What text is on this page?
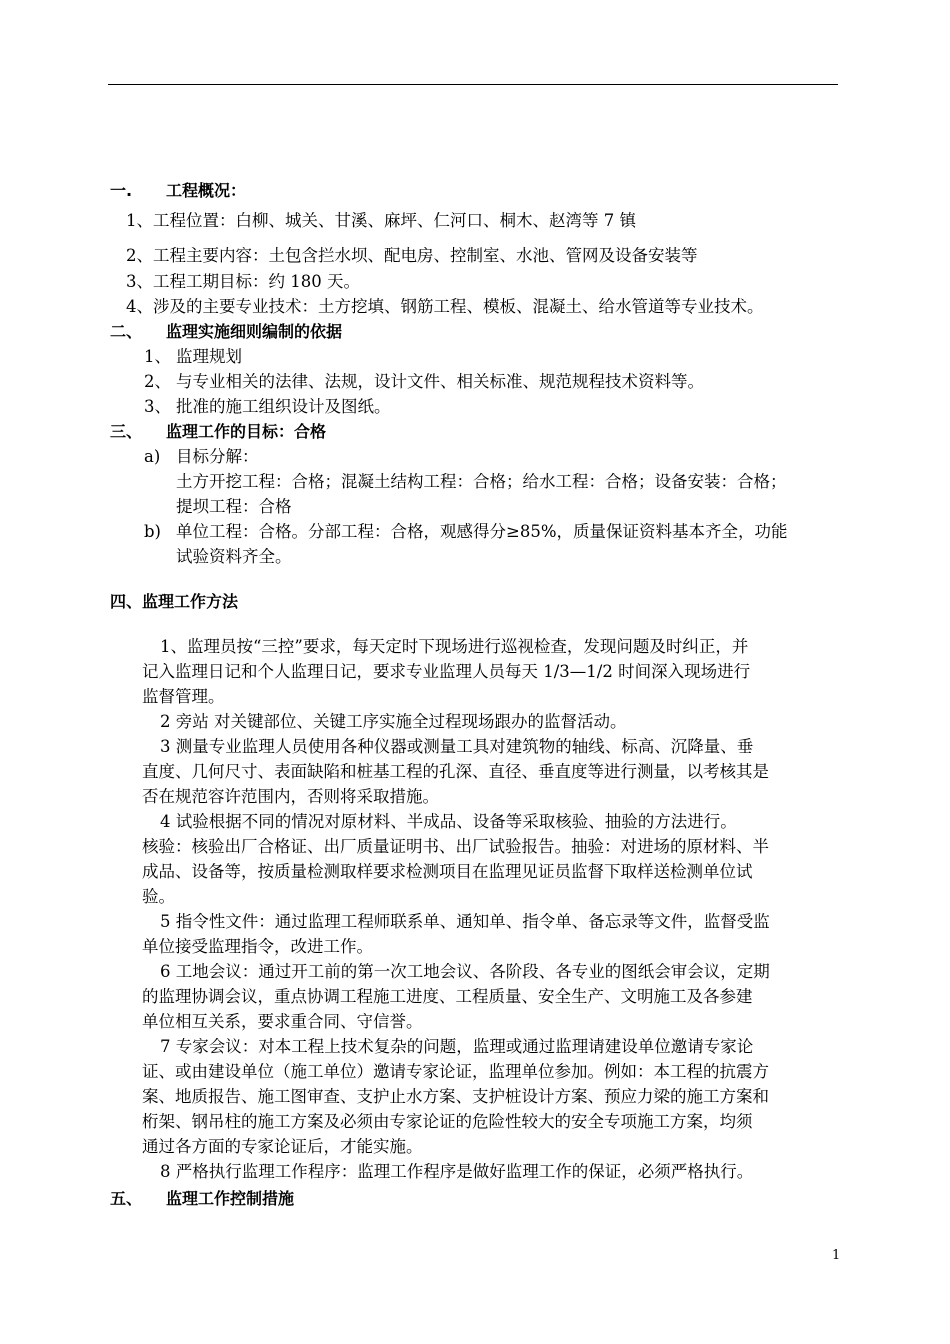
一. 工程概况：
1、工程位置：白柳、城关、甘溪、麻坪、仁河口、桐木、赵湾等 7 镇
2、工程主要内容：土包含拦水坝、配电房、控制室、水池、管网及设备安装等
3、工程工期目标：约 180 天。
4、涉及的主要专业技术：土方挖填、钢筋工程、模板、混凝土、给水管道等专业技术。
二、 监理实施细则编制的依据
1、 监理规划
2、 与专业相关的法律、法规，设计文件、相关标准、规范规程技术资料等。
3、 批准的施工组织设计及图纸。
三、 监理工作的目标：合格
a) 目标分解：
土方开挖工程：合格；混凝土结构工程：合格；给水工程：合格；设备安装：合格；
提坝工程：合格
b) 单位工程：合格。分部工程：合格，观感得分≥85%，质量保证资料基本齐全，功能
试验资料齐全。
四、监理工作方法
1、监理员按“三控”要求，每天定时下现场进行巡视检查，发现问题及时纠正，并
记入监理日记和个人监理日记，要求专业监理人员每天 1/3—1/2 时间深入现场进行
监督管理。
2 旁站 对关键部位、关键工序实施全过程现场跟办的监督活动。
3 测量专业监理人员使用各种仪器或测量工具对建筑物的轴线、标高、沉降量、垂
直度、几何尺寸、表面缺陷和桩基工程的孔深、直径、垂直度等进行测量，以考核其是
否在规范容许范围内，否则将采取措施。
4 试验根据不同的情况对原材料、半成品、设备等采取核验、抽验的方法进行。
核验：核验出厂合格证、出厂质量证明书、出厂试验报告。抽验：对进场的原材料、半
成品、设备等，按质量检测取样要求检测项目在监理见证员监督下取样送检测单位试
验。
5 指令性文件：通过监理工程师联系单、通知单、指令单、备忘录等文件，监督受监
单位接受监理指令，改进工作。
6 工地会议：通过开工前的第一次工地会议、各阶段、各专业的图纸会审会议，定期
的监理协调会议，重点协调工程施工进度、工程质量、安全生产、文明施工及各参建
单位相互关系，要求重合同、守信誉。
7 专家会议：对本工程上技术复杂的问题，监理或通过监理请建设单位邀请专家论
证、或由建设单位（施工单位）邀请专家论证，监理单位参加。例如：本工程的抗震方
案、地质报告、施工图审查、支护止水方案、支护桩设计方案、预应力梁的施工方案和
桁架、钢吊柱的施工方案及必须由专家论证的危险性较大的安全专项施工方案，均须
通过各方面的专家论证后，才能实施。
8 严格执行监理工作程序：监理工作程序是做好监理工作的保证，必须严格执行。
五、 监理工作控制措施
1
